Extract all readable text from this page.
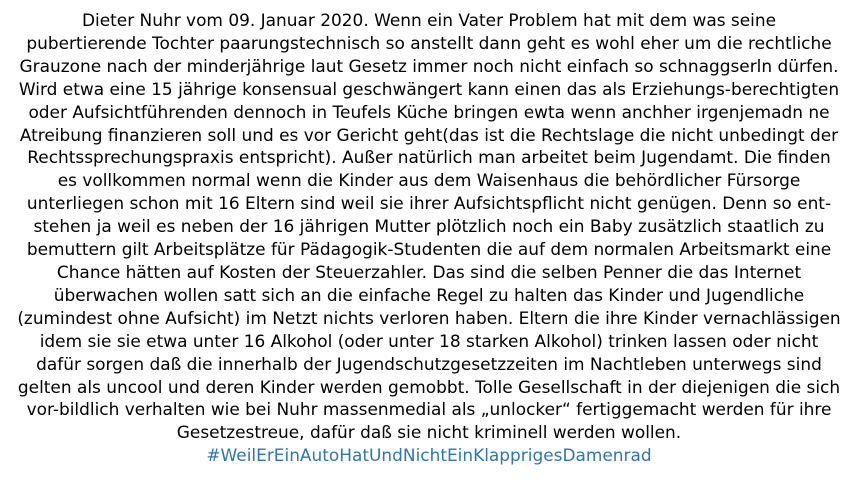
Dieter Nuhr vom 09. Januar 2020. Wenn ein Vater Problem hat mit dem was seine
pubertierende Tochter paarungstechnisch so anstellt dann geht es wohl eher um die rechtliche
Grauzone nach der minderjährige laut Gesetz immer noch nicht einfach so schnaggserln dürfen.
Wird etwa eine 15 jährige konsensual geschwängert kann einen das als Erziehungs-berechtigten
oder Aufsichtführenden dennoch in Teufels Küche bringen ewta wenn anchher irgenjemadn ne
Atreibung finanzieren soll und es vor Gericht geht(das ist die Rechtslage die nicht unbedingt der
Rechtssprechungspraxis entspricht). Außer natürlich man arbeitet beim Jugendamt. Die finden
es vollkommen normal wenn die Kinder aus dem Waisenhaus die behördlicher Fürsorge
unterliegen schon mit 16 Eltern sind weil sie ihrer Aufsichtspflicht nicht genügen. Denn so ent-
stehen ja weil es neben der 16 jährigen Mutter plötzlich noch ein Baby zusätzlich staatlich zu
bemuttern gilt Arbeitsplätze für Pädagogik-Studenten die auf dem normalen Arbeitsmarkt eine
Chance hätten auf Kosten der Steuerzahler. Das sind die selben Penner die das Internet
überwachen wollen satt sich an die einfache Regel zu halten das Kinder und Jugendliche
(zumindest ohne Aufsicht) im Netzt nichts verloren haben. Eltern die ihre Kinder vernachlässigen
idem sie sie etwa unter 16 Alkohol (oder unter 18 starken Alkohol) trinken lassen oder nicht
dafür sorgen daß die innerhalb der Jugendschutzgesetzzeiten im Nachtleben unterwegs sind
gelten als uncool und deren Kinder werden gemobbt. Tolle Gesellschaft in der diejenigen die sich
vor-bildlich verhalten wie bei Nuhr massenmedial als „unlocker“ fertiggemacht werden für ihre
Gesetzestreue, dafür daß sie nicht kriminell werden wollen.
#WeilErEinAutoHatUndNichtEinKlapprigesDamenrad
